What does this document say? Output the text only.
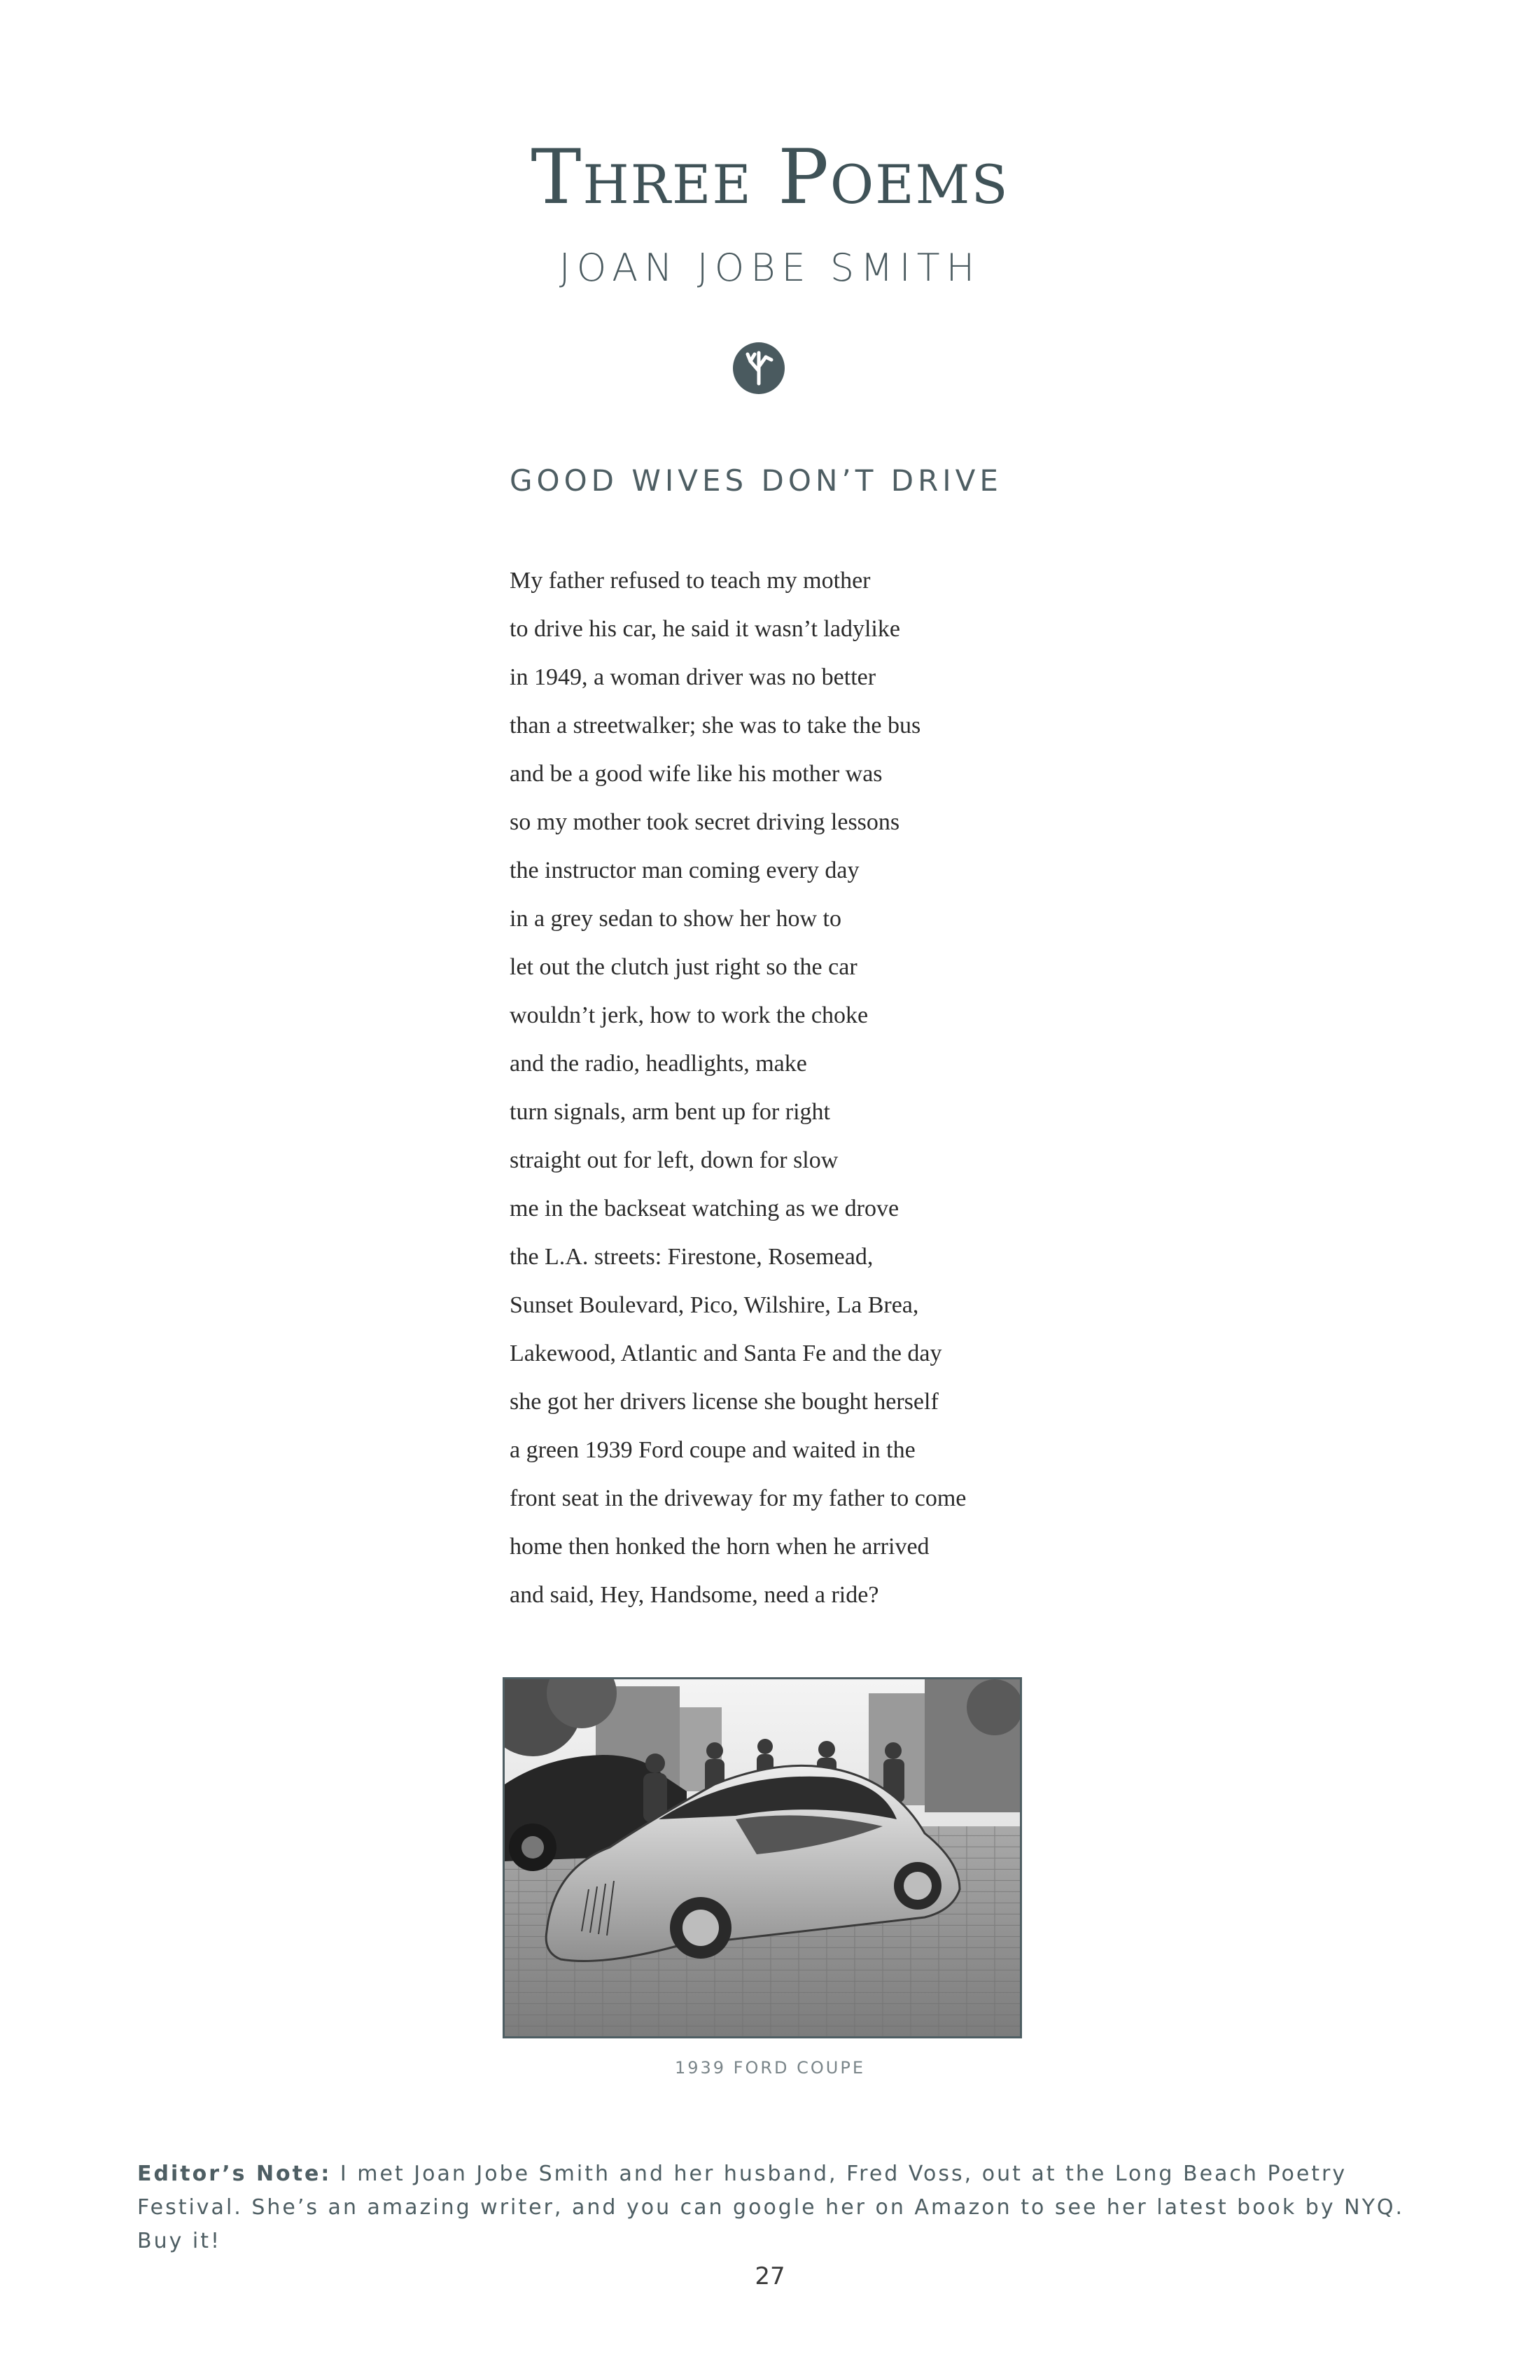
Three Poems
JOAN JOBE SMITH
GOOD WIVES DON’T DRIVE
My father refused to teach my mother
to drive his car, he said it wasn’t ladylike
in 1949, a woman driver was no better
than a streetwalker; she was to take the bus
and be a good wife like his mother was
so my mother took secret driving lessons
the instructor man coming every day
in a grey sedan to show her how to
let out the clutch just right so the car
wouldn’t jerk, how to work the choke
and the radio, headlights, make
turn signals, arm bent up for right
straight out for left, down for slow
me in the backseat watching as we drove
the L.A. streets: Firestone, Rosemead,
Sunset Boulevard, Pico, Wilshire, La Brea,
Lakewood, Atlantic and Santa Fe and the day
she got her drivers license she bought herself
a green 1939 Ford coupe and waited in the
front seat in the driveway for my father to come
home then honked the horn when he arrived
and said, Hey, Handsome, need a ride?
1939 FORD COUPE
Editor’s Note: I met Joan Jobe Smith and her husband, Fred Voss, out at the Long Beach Poetry Festival. She’s an amazing writer, and you can google her on Amazon to see her latest book by NYQ. Buy it!
27
